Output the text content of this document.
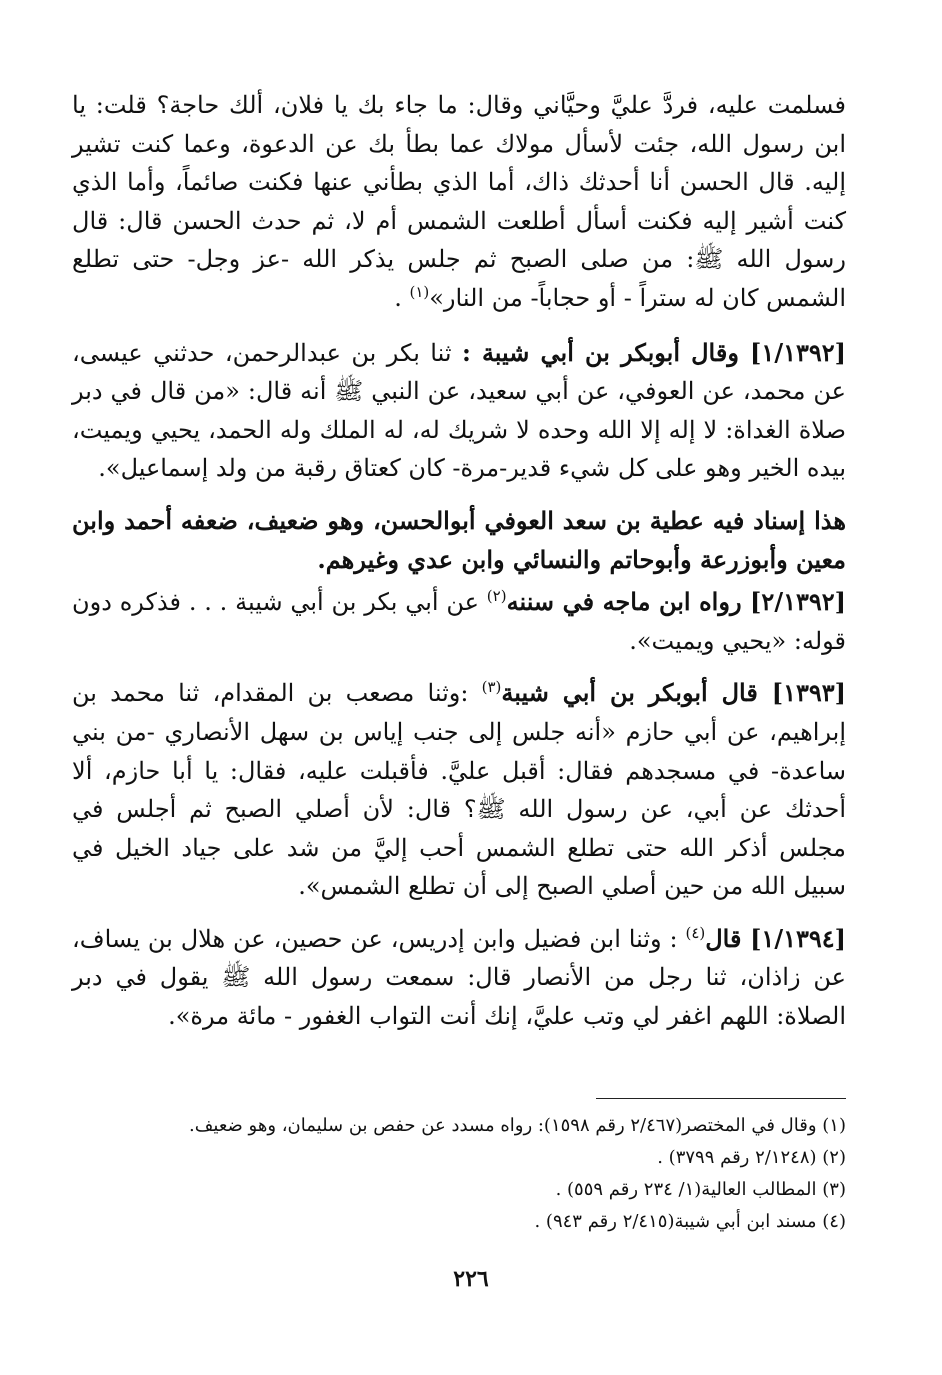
فسلمت عليه، فردَّ عليَّ وحيَّاني وقال: ما جاء بك يا فلان، ألك حاجة؟ قلت: يا ابن رسول الله، جئت لأسأل مولاك عما بطأ بك عن الدعوة، وعما كنت تشير إليه. قال الحسن أنا أحدثك ذاك، أما الذي بطأني عنها فكنت صائماً، وأما الذي كنت أشير إليه فكنت أسأل أطلعت الشمس أم لا، ثم حدث الحسن قال: قال رسول الله ﷺ: من صلى الصبح ثم جلس يذكر الله -عز وجل- حتى تطلع الشمس كان له ستراً - أو حجاباً- من النار»$^{(١)}$ .

[١/١٣٩٢] وقال أبوبكر بن أبي شيبة : ثنا بكر بن عبدالرحمن، حدثني عيسى، عن محمد، عن العوفي، عن أبي سعيد، عن النبي ﷺ أنه قال: «من قال في دبر صلاة الغداة: لا إله إلا الله وحده لا شريك له، له الملك وله الحمد، يحيي ويميت، بيده الخير وهو على كل شيء قدير-مرة- كان كعتاق رقبة من ولد إسماعيل».

هذا إسناد فيه عطية بن سعد العوفي أبوالحسن، وهو ضعيف، ضعفه أحمد وابن معين وأبوزرعة وأبوحاتم والنسائي وابن عدي وغيرهم.

[٢/١٣٩٢] رواه ابن ماجه في سننه$^{(٢)}$ عن أبي بكر بن أبي شيبة . . . فذكره دون قوله: «يحيي ويميت».

[١٣٩٣] قال أبوبكر بن أبي شيبة$^{(٣)}$ :وثنا مصعب بن المقدام، ثنا محمد بن إبراهيم، عن أبي حازم «أنه جلس إلى جنب إياس بن سهل الأنصاري -من بني ساعدة- في مسجدهم فقال: أقبل عليَّ. فأقبلت عليه، فقال: يا أبا حازم، ألا أحدثك عن أبي، عن رسول الله ﷺ؟ قال: لأن أصلي الصبح ثم أجلس في مجلس أذكر الله حتى تطلع الشمس أحب إليَّ من شد على جياد الخيل في سبيل الله من حين أصلي الصبح إلى أن تطلع الشمس».

[١/١٣٩٤] قال$^{(٤)}$ : وثنا ابن فضيل وابن إدريس، عن حصين، عن هلال بن يساف، عن زاذان، ثنا رجل من الأنصار قال: سمعت رسول الله ﷺ يقول في دبر الصلاة: اللهم اغفر لي وتب عليَّ، إنك أنت التواب الغفور - مائة مرة».

(١) وقال في المختصر(٢/٤٦٧ رقم ١٥٩٨): رواه مسدد عن حفص بن سليمان، وهو ضعيف.

(٢) (٢/١٢٤٨ رقم ٣٧٩٩) .

(٣) المطالب العالية(١/ ٢٣٤ رقم ٥٥٩) .

(٤) مسند ابن أبي شيبة(٢/٤١٥ رقم ٩٤٣) .

٢٢٦
